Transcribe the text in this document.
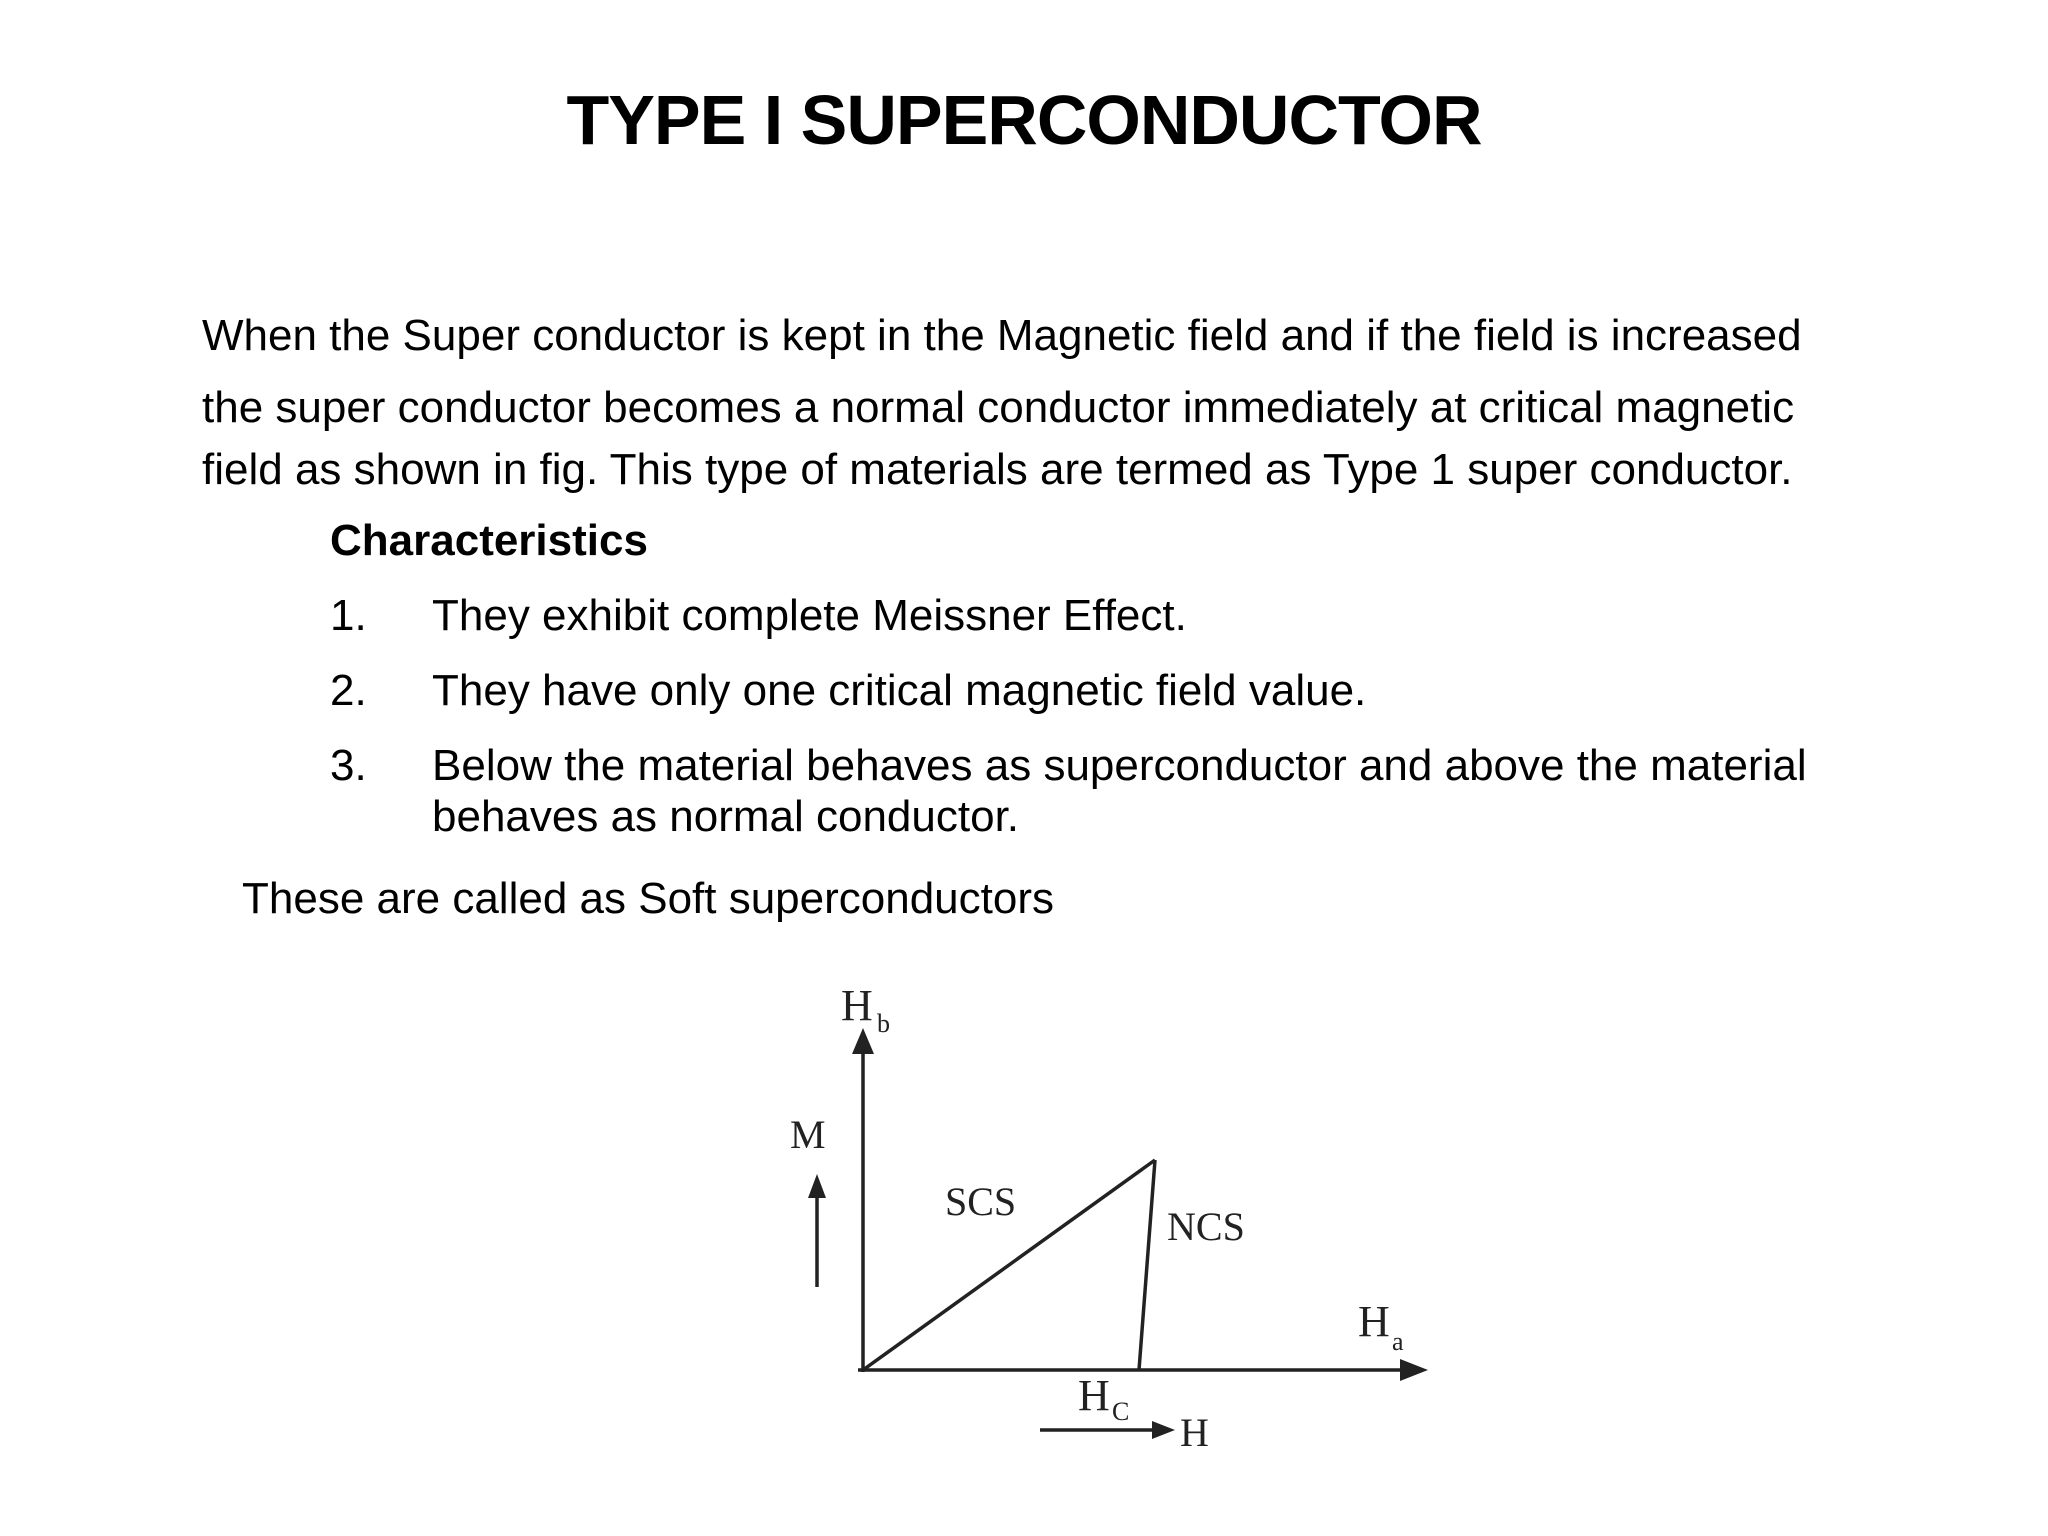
TYPE I SUPERCONDUCTOR
When the Super conductor is kept in the Magnetic field and if the field is increased
the super conductor becomes a normal conductor immediately at critical magnetic
field as shown in fig. This type of materials are termed as Type 1 super conductor.
Characteristics
1. They exhibit complete Meissner Effect.
2. They have only one critical magnetic field value.
3. Below the material behaves as superconductor and above the material behaves as normal conductor.
These are called as Soft superconductors
H b
M
SCS
NCS
H a
H C H
